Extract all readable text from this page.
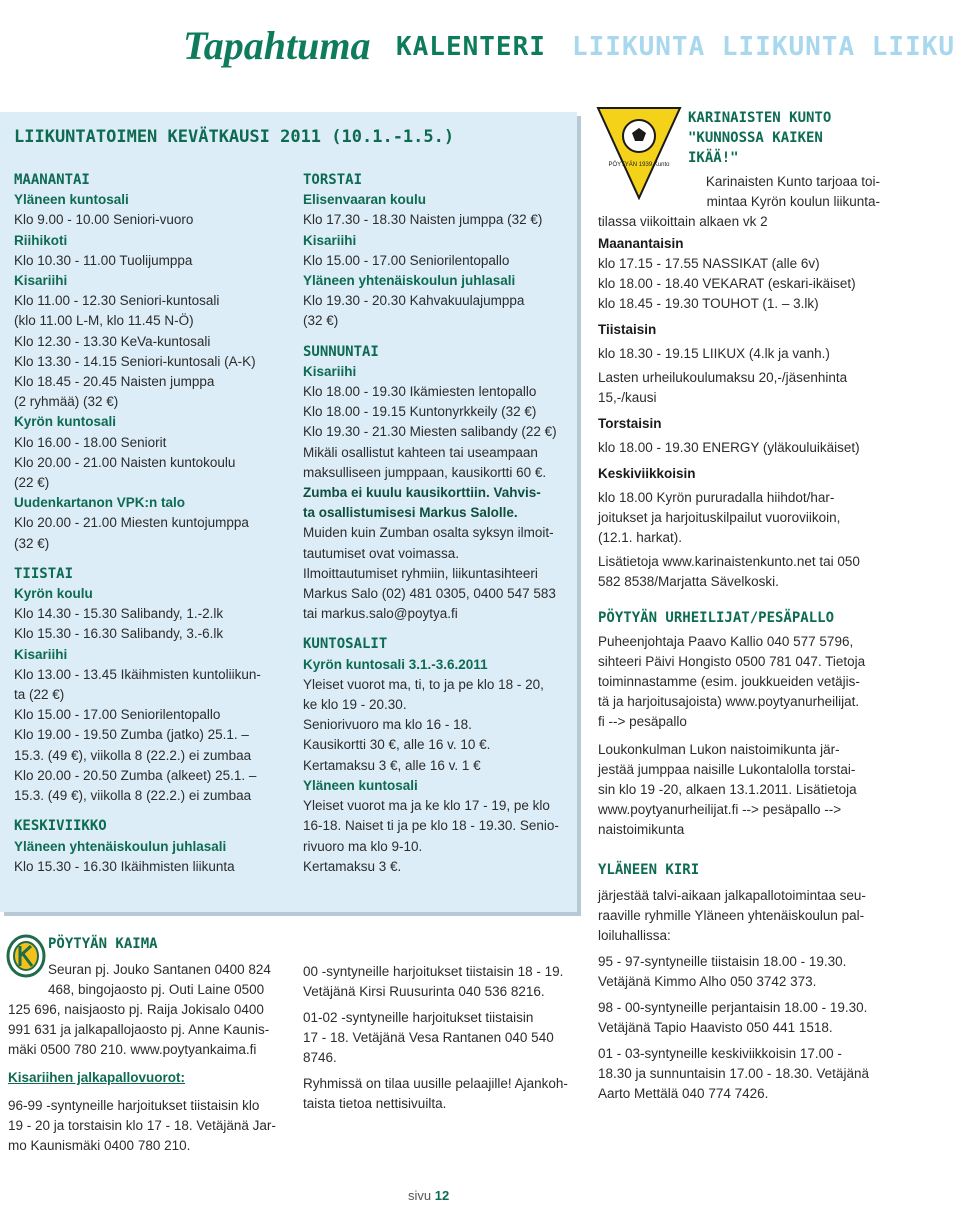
Tapahtuma KALENTERI LIIKUNTA LIIKUNTA LIIKU
LIIKUNTATOIMEN KEVÄTKAUSI 2011 (10.1.-1.5.)
MAANANTAI
Yläneen kuntosali
Klo 9.00 - 10.00 Seniori-vuoro
Riihikoti
Klo 10.30 - 11.00 Tuolijumppa
Kisariihi
Klo 11.00 - 12.30 Seniori-kuntosali
(klo 11.00 L-M, klo 11.45 N-Ö)
Klo 12.30 - 13.30 KeVa-kuntosali
Klo 13.30 - 14.15 Seniori-kuntosali (A-K)
Klo 18.45 - 20.45 Naisten jumppa
(2 ryhmää) (32 €)
Kyrön kuntosali
Klo 16.00 - 18.00 Seniorit
Klo 20.00 - 21.00 Naisten kuntokoulu
(22 €)
Uudenkartanon VPK:n talo
Klo 20.00 - 21.00 Miesten kuntojumppa
(32 €)
TIISTAI
Kyrön koulu
Klo 14.30 - 15.30 Salibandy, 1.-2.lk
Klo 15.30 - 16.30 Salibandy, 3.-6.lk
Kisariihi
Klo 13.00 - 13.45 Ikäihmisten kuntoliikun-
ta (22 €)
Klo 15.00 - 17.00 Seniorilentopallo
Klo 19.00 - 19.50 Zumba (jatko) 25.1. –
15.3. (49 €), viikolla 8 (22.2.) ei zumbaa
Klo 20.00 - 20.50 Zumba (alkeet) 25.1. –
15.3. (49 €), viikolla 8 (22.2.) ei zumbaa
KESKIVIIKKO
Yläneen yhtenäiskoulun juhlasali
Klo 15.30 - 16.30 Ikäihmisten liikunta
TORSTAI
Elisenvaaran koulu
Klo 17.30 - 18.30 Naisten jumppa (32 €)
Kisariihi
Klo 15.00 - 17.00 Seniorilentopallo
Yläneen yhtenäiskoulun juhlasali
Klo 19.30 - 20.30 Kahvakuulajumppa
(32 €)
SUNNUNTAI
Kisariihi
Klo 18.00 - 19.30 Ikämiesten lentopallo
Klo 18.00 - 19.15 Kuntonyrkkeily (32 €)
Klo 19.30 - 21.30 Miesten salibandy (22 €)
Mikäli osallistut kahteen tai useampaan
maksulliseen jumppaan, kausikortti 60 €.
Zumba ei kuulu kausikorttiin. Vahvis-
ta osallistumisesi Markus Salolle.
Muiden kuin Zumban osalta syksyn ilmoit-
tautumiset ovat voimassa.
Ilmoittautumiset ryhmiin, liikuntasihteeri
Markus Salo (02) 481 0305, 0400 547 583
tai markus.salo@poytya.fi
KUNTOSALIT
Kyrön kuntosali 3.1.-3.6.2011
Yleiset vuorot ma, ti, to ja pe klo 18 - 20,
ke klo 19 - 20.30.
Seniorivuoro ma klo 16 - 18.
Kausikortti 30 €, alle 16 v. 10 €.
Kertamaksu 3 €, alle 16 v. 1 €
Yläneen kuntosali
Yleiset vuorot ma ja ke klo 17 - 19, pe klo
16-18. Naiset ti ja pe klo 18 - 19.30. Senio-
rivuoro ma klo 9-10.
Kertamaksu 3 €.
PÖYTYÄN 1939 Kunto
KARINAISTEN KUNTO
"KUNNOSSA KAIKEN
IKÄÄ!"
Karinaisten Kunto tarjoaa toi-
mintaa Kyrön koulun liikunta-
tilassa viikoittain alkaen vk 2
Maanantaisin
klo 17.15 - 17.55 NASSIKAT (alle 6v)
klo 18.00 - 18.40 VEKARAT (eskari-ikäiset)
klo 18.45 - 19.30 TOUHOT (1. – 3.lk)
Tiistaisin
klo 18.30 - 19.15 LIIKUX (4.lk ja vanh.)
Lasten urheilukoulumaksu 20,-/jäsenhinta
15,-/kausi
Torstaisin
klo 18.00 - 19.30 ENERGY (yläkouluikäiset)
Keskiviikkoisin
klo 18.00 Kyrön pururadalla hiihdot/har-
joitukset ja harjoituskilpailut vuoroviikoin,
(12.1. harkat).
Lisätietoja www.karinaistenkunto.net tai 050
582 8538/Marjatta Sävelkoski.
PÖYTYÄN URHEILIJAT/PESÄPALLO
Puheenjohtaja Paavo Kallio 040 577 5796,
sihteeri Päivi Hongisto 0500 781 047. Tietoja
toiminnastamme (esim. joukkueiden vetäjis-
tä ja harjoitusajoista) www.poytyanurheilijat.
fi --> pesäpallo
Loukonkulman Lukon naistoimikunta jär-
jestää jumppaa naisille Lukontalolla torstai-
sin klo 19 -20, alkaen 13.1.2011. Lisätietoja
www.poytyanurheilijat.fi --> pesäpallo -->
naistoimikunta
YLÄNEEN KIRI
järjestää talvi-aikaan jalkapallotoimintaa seu-
raaville ryhmille Yläneen yhtenäiskoulun pal-
loiluhallissa:
95 - 97-syntyneille tiistaisin 18.00 - 19.30.
Vetäjänä Kimmo Alho 050 3742 373.
98 - 00-syntyneille perjantaisin 18.00 - 19.30.
Vetäjänä Tapio Haavisto 050 441 1518.
01 - 03-syntyneille keskiviikkoisin 17.00 -
18.30 ja sunnuntaisin 17.00 - 18.30. Vetäjänä
Aarto Mettälä 040 774 7426.
PÖYTYÄN KAIMA
Seuran pj. Jouko Santanen 0400 824
468, bingojaosto pj. Outi Laine 0500
125 696, naisjaosto pj. Raija Jokisalo 0400
991 631 ja jalkapallojaosto pj. Anne Kaunis-
mäki 0500 780 210. www.poytyankaima.fi
Kisariihen jalkapallovuorot:
96-99 -syntyneille harjoitukset tiistaisin klo
19 - 20 ja torstaisin klo 17 - 18. Vetäjänä Jar-
mo Kaunismäki 0400 780 210.
00 -syntyneille harjoitukset tiistaisin 18 - 19.
Vetäjänä Kirsi Ruusurinta 040 536 8216.
01-02 -syntyneille harjoitukset tiistaisin
17 - 18. Vetäjänä Vesa Rantanen 040 540
8746.
Ryhmissä on tilaa uusille pelaajille! Ajankoh-
taista tietoa nettisivuilta.
sivu 12
